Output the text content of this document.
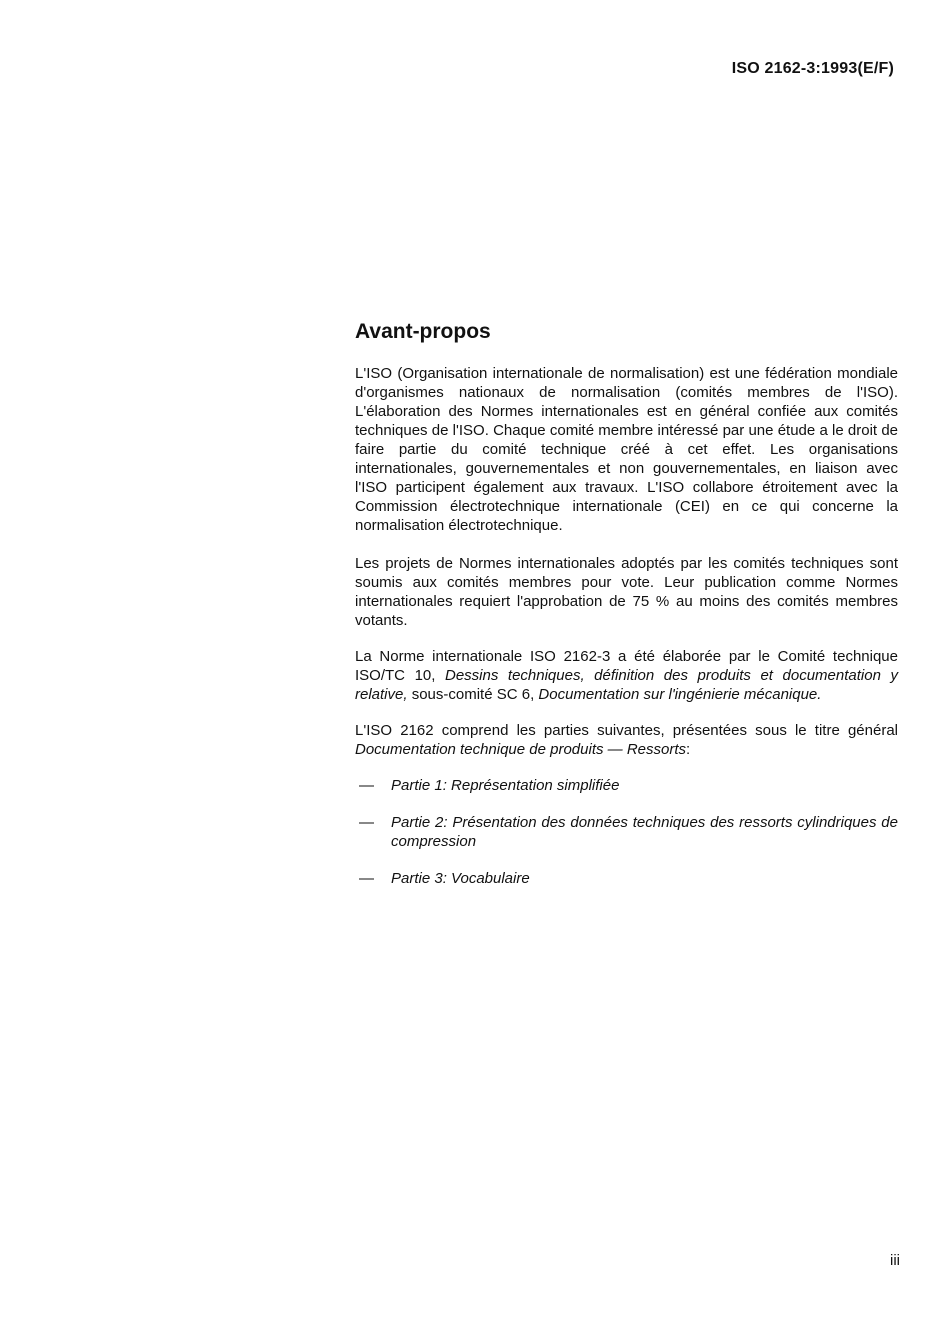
ISO 2162-3:1993(E/F)
Avant-propos

L'ISO (Organisation internationale de normalisation) est une fédération mondiale d'organismes nationaux de normalisation (comités membres de l'ISO). L'élaboration des Normes internationales est en général confiée aux comités techniques de l'ISO. Chaque comité membre intéressé par une étude a le droit de faire partie du comité technique créé à cet effet. Les organisations internationales, gouvernementales et non gouvernementales, en liaison avec l'ISO participent également aux travaux. L'ISO collabore étroitement avec la Commission électrotechnique internationale (CEI) en ce qui concerne la normalisation électrotechnique.

Les projets de Normes internationales adoptés par les comités techniques sont soumis aux comités membres pour vote. Leur publication comme Normes internationales requiert l'approbation de 75 % au moins des comités membres votants.

La Norme internationale ISO 2162-3 a été élaborée par le Comité technique ISO/TC 10, Dessins techniques, définition des produits et documentation y relative, sous-comité SC 6, Documentation sur l'ingénierie mécanique.

L'ISO 2162 comprend les parties suivantes, présentées sous le titre général Documentation technique de produits — Ressorts:

— Partie 1: Représentation simplifiée
— Partie 2: Présentation des données techniques des ressorts cylindriques de compression
— Partie 3: Vocabulaire
iii
